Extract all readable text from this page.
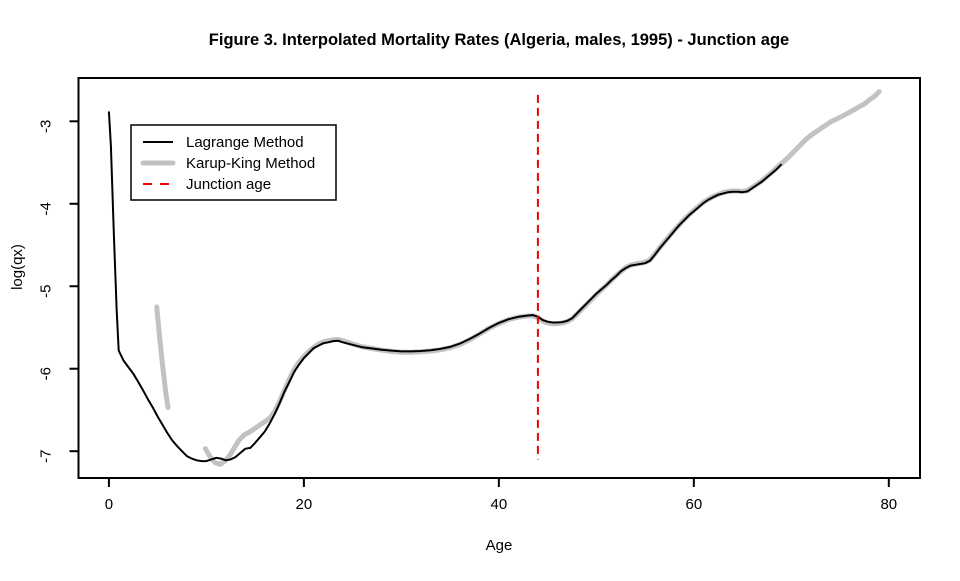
Figure 3. Interpolated Mortality Rates (Algeria, males, 1995) - Junction age
0	20	40	60	80
-3
-4
-5
-6
-7
Age
log(qx)
Lagrange Method
Karup-King Method
Junction age
